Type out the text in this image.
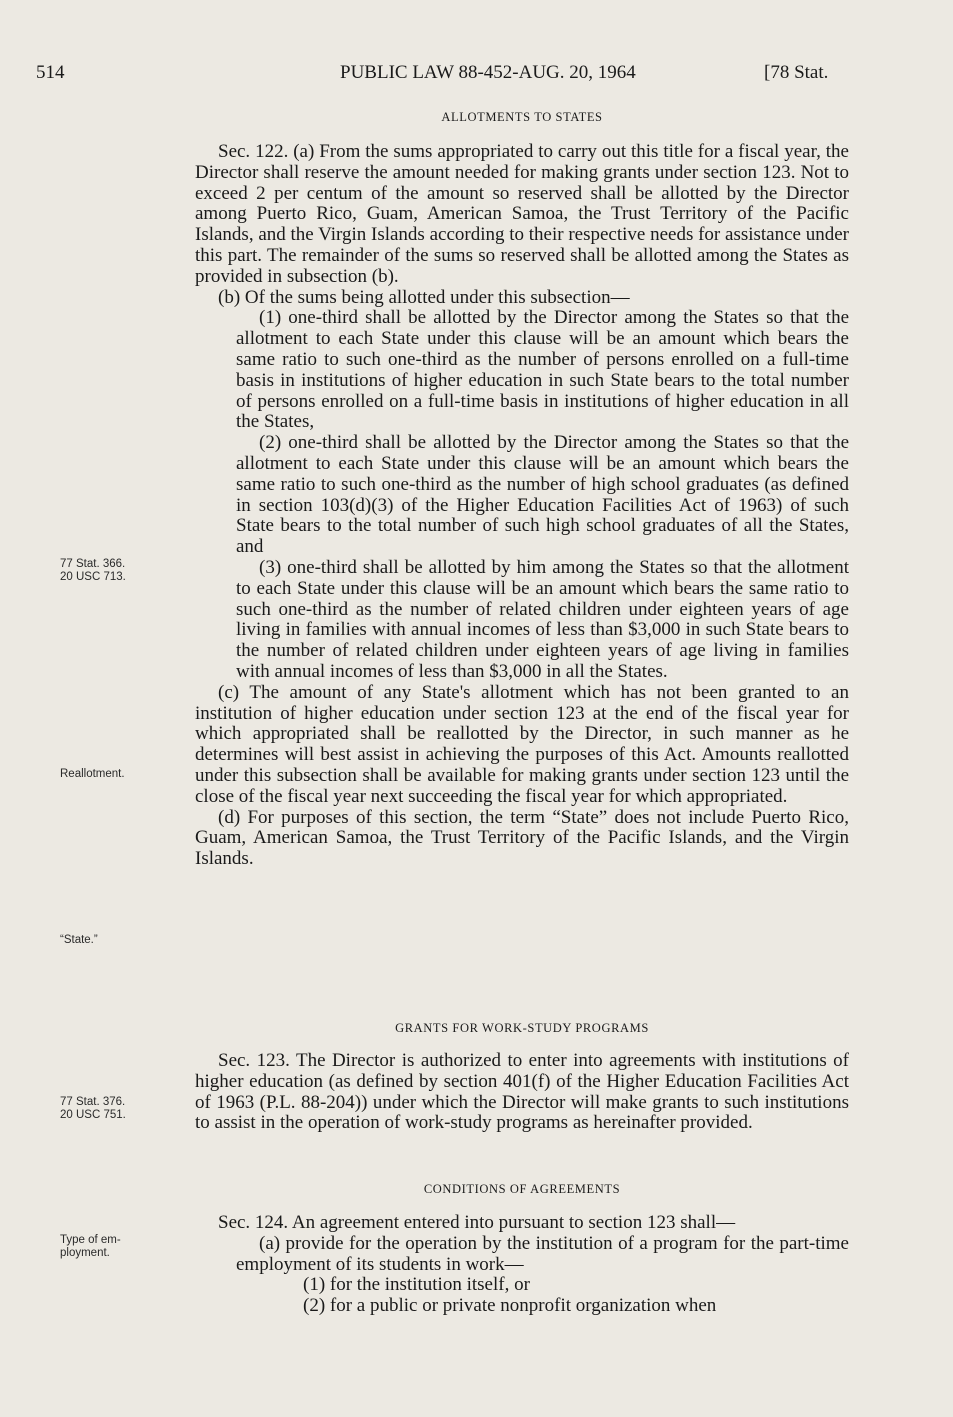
514	PUBLIC LAW 88-452-AUG. 20, 1964	[78 Stat.
ALLOTMENTS TO STATES

Sec. 122. (a) From the sums appropriated to carry out this title for a fiscal year, the Director shall reserve the amount needed for making grants under section 123. Not to exceed 2 per centum of the amount so reserved shall be allotted by the Director among Puerto Rico, Guam, American Samoa, the Trust Territory of the Pacific Islands, and the Virgin Islands according to their respective needs for assistance under this part. The remainder of the sums so reserved shall be allotted among the States as provided in subsection (b).

(b) Of the sums being allotted under this subsection—

(1) one-third shall be allotted by the Director among the States so that the allotment to each State under this clause will be an amount which bears the same ratio to such one-third as the number of persons enrolled on a full-time basis in institutions of higher education in such State bears to the total number of persons enrolled on a full-time basis in institutions of higher education in all the States,

(2) one-third shall be allotted by the Director among the States so that the allotment to each State under this clause will be an amount which bears the same ratio to such one-third as the number of high school graduates (as defined in section 103(d)(3) of the Higher Education Facilities Act of 1963) of such State bears to the total number of such high school graduates of all the States, and

(3) one-third shall be allotted by him among the States so that the allotment to each State under this clause will be an amount which bears the same ratio to such one-third as the number of related children under eighteen years of age living in families with annual incomes of less than $3,000 in such State bears to the number of related children under eighteen years of age living in families with annual incomes of less than $3,000 in all the States.

(c) The amount of any State's allotment which has not been granted to an institution of higher education under section 123 at the end of the fiscal year for which appropriated shall be reallotted by the Director, in such manner as he determines will best assist in achieving the purposes of this Act. Amounts reallotted under this subsection shall be available for making grants under section 123 until the close of the fiscal year next succeeding the fiscal year for which appropriated.

(d) For purposes of this section, the term “State” does not include Puerto Rico, Guam, American Samoa, the Trust Territory of the Pacific Islands, and the Virgin Islands.

GRANTS FOR WORK-STUDY PROGRAMS

Sec. 123. The Director is authorized to enter into agreements with institutions of higher education (as defined by section 401(f) of the Higher Education Facilities Act of 1963 (P.L. 88-204)) under which the Director will make grants to such institutions to assist in the operation of work-study programs as hereinafter provided.

CONDITIONS OF AGREEMENTS

Sec. 124. An agreement entered into pursuant to section 123 shall—

(a) provide for the operation by the institution of a program for the part-time employment of its students in work—

(1) for the institution itself, or

(2) for a public or private nonprofit organization when

77 Stat. 366.
20 USC 713.
Reallotment.
“State.”
77 Stat. 376.
20 USC 751.
Type of em-
ployment.
